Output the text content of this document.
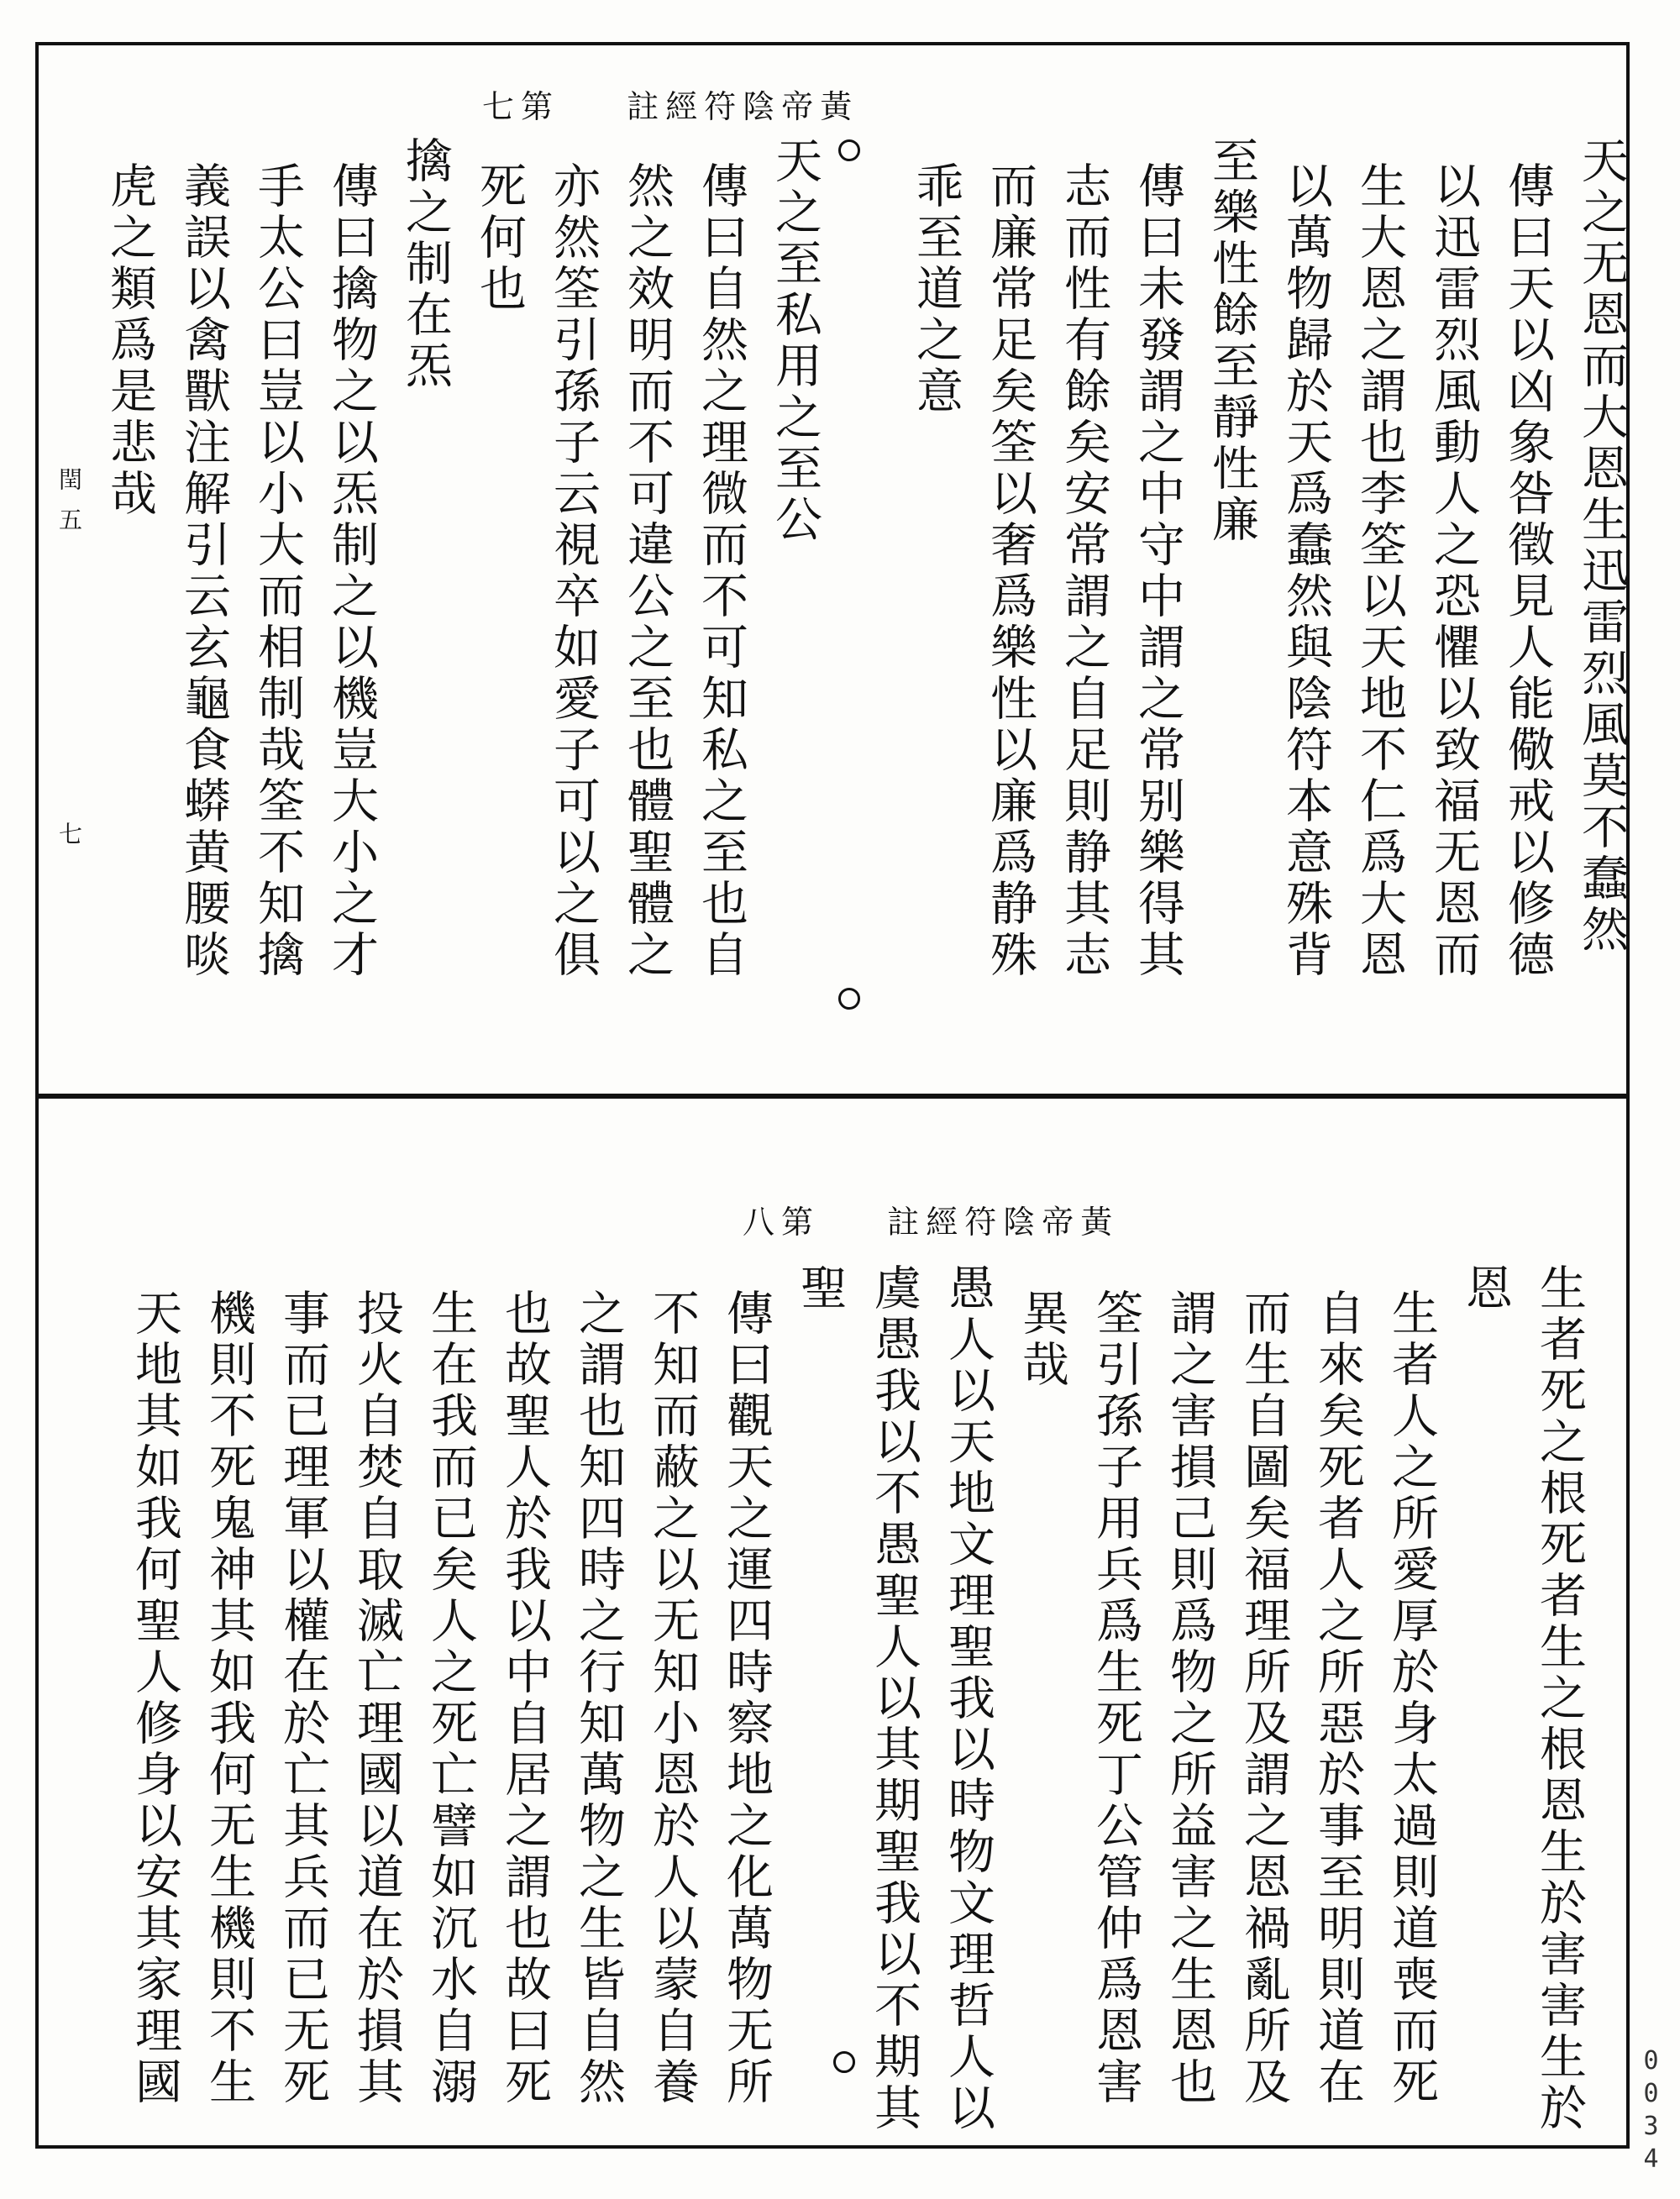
第七 黃帝陰符經註
天之无恩而大恩生迅雷烈風莫不蠢然
傳曰天以凶象咎徵見人能儆戒以修德
以迅雷烈風動人之恐懼以致福无恩而
生大恩之謂也李筌以天地不仁爲大恩
以萬物歸於天爲蠢然與陰符本意殊背
至樂性餘至靜性廉
傳曰未發謂之中守中謂之常别樂得其
志而性有餘矣安常謂之自足則静其志
而廉常足矣筌以奢爲樂性以廉爲静殊
乖至道之意
天之至私用之至公
傳曰自然之理微而不可知私之至也自
然之效明而不可違公之至也體聖體之
亦然筌引孫子云視卒如愛子可以之俱
死何也
擒之制在炁
傳曰擒物之以炁制之以機豈大小之才
手太公曰豈以小大而相制哉筌不知擒
義誤以禽獸注解引云玄龜食蟒黄腰啖
虎之類爲是悲哉
閏五
七
第八 黃帝陰符經註
生者死之根死者生之根恩生於害害生於
恩
生者人之所愛厚於身太過則道喪而死
自來矣死者人之所惡於事至明則道在
而生自圖矣福理所及謂之恩禍亂所及
謂之害損己則爲物之所益害之生恩也
筌引孫子用兵爲生死丁公管仲爲恩害
異哉
愚人以天地文理聖我以時物文理哲人以
虞愚我以不愚聖人以其期聖我以不期其
聖
傳曰觀天之運四時察地之化萬物无所
不知而蔽之以无知小恩於人以蒙自養
之謂也知四時之行知萬物之生皆自然
也故聖人於我以中自居之謂也故曰死
生在我而已矣人之死亡譬如沉水自溺
投火自焚自取滅亡理國以道在於損其
事而已理軍以權在於亡其兵而已无死
機則不死鬼神其如我何无生機則不生
天地其如我何聖人修身以安其家理國
0034
